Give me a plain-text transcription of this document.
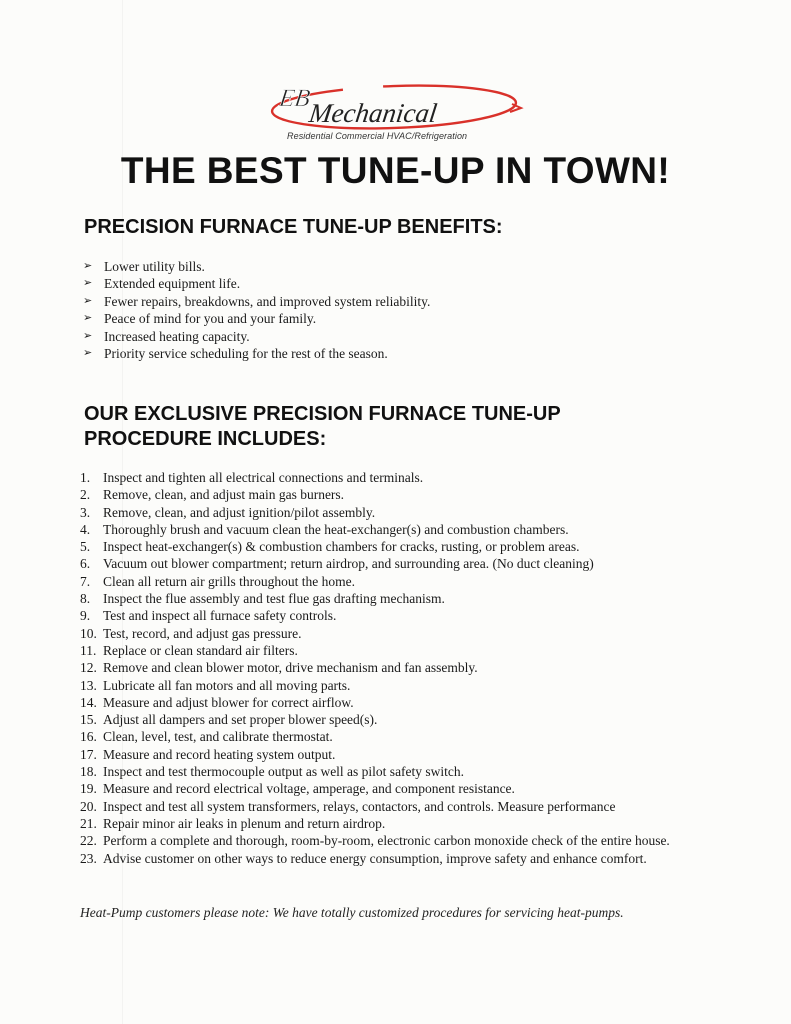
EB
Mechanical
Residential Commercial HVAC/Refrigeration
THE BEST TUNE-UP IN TOWN!
PRECISION FURNACE TUNE-UP BENEFITS:
➢ Lower utility bills.
➢ Extended equipment life.
➢ Fewer repairs, breakdowns, and improved system reliability.
➢ Peace of mind for you and your family.
➢ Increased heating capacity.
➢ Priority service scheduling for the rest of the season.
OUR EXCLUSIVE PRECISION FURNACE TUNE-UP
PROCEDURE INCLUDES:
1. Inspect and tighten all electrical connections and terminals.
2. Remove, clean, and adjust main gas burners.
3. Remove, clean, and adjust ignition/pilot assembly.
4. Thoroughly brush and vacuum clean the heat-exchanger(s) and combustion chambers.
5. Inspect heat-exchanger(s) & combustion chambers for cracks, rusting, or problem areas.
6. Vacuum out blower compartment; return airdrop, and surrounding area. (No duct cleaning)
7. Clean all return air grills throughout the home.
8. Inspect the flue assembly and test flue gas drafting mechanism.
9. Test and inspect all furnace safety controls.
10. Test, record, and adjust gas pressure.
11. Replace or clean standard air filters.
12. Remove and clean blower motor, drive mechanism and fan assembly.
13. Lubricate all fan motors and all moving parts.
14. Measure and adjust blower for correct airflow.
15. Adjust all dampers and set proper blower speed(s).
16. Clean, level, test, and calibrate thermostat.
17. Measure and record heating system output.
18. Inspect and test thermocouple output as well as pilot safety switch.
19. Measure and record electrical voltage, amperage, and component resistance.
20. Inspect and test all system transformers, relays, contactors, and controls. Measure performance
21. Repair minor air leaks in plenum and return airdrop.
22. Perform a complete and thorough, room-by-room, electronic carbon monoxide check of the entire house.
23. Advise customer on other ways to reduce energy consumption, improve safety and enhance comfort.

Heat-Pump customers please note: We have totally customized procedures for servicing heat-pumps.
